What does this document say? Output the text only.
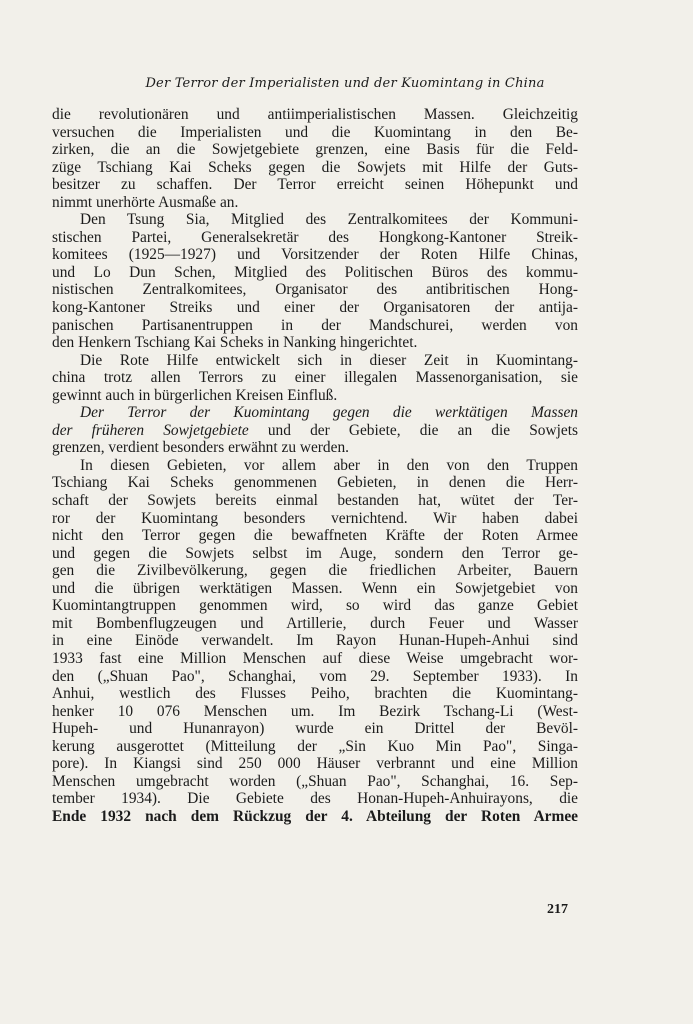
Der Terror der Imperialisten und der Kuomintang in China
die revolutionären und antiimperialistischen Massen. Gleichzeitig
versuchen die Imperialisten und die Kuomintang in den Be-
zirken, die an die Sowjetgebiete grenzen, eine Basis für die Feld-
züge Tschiang Kai Scheks gegen die Sowjets mit Hilfe der Guts-
besitzer zu schaffen. Der Terror erreicht seinen Höhepunkt und
nimmt unerhörte Ausmaße an.
Den Tsung Sia, Mitglied des Zentralkomitees der Kommuni-
stischen Partei, Generalsekretär des Hongkong-Kantoner Streik-
komitees (1925—1927) und Vorsitzender der Roten Hilfe Chinas,
und Lo Dun Schen, Mitglied des Politischen Büros des kommu-
nistischen Zentralkomitees, Organisator des antibritischen Hong-
kong-Kantoner Streiks und einer der Organisatoren der antija-
panischen Partisanentruppen in der Mandschurei, werden von
den Henkern Tschiang Kai Scheks in Nanking hingerichtet.
Die Rote Hilfe entwickelt sich in dieser Zeit in Kuomintang-
china trotz allen Terrors zu einer illegalen Massenorganisation, sie
gewinnt auch in bürgerlichen Kreisen Einfluß.
Der Terror der Kuomintang gegen die werktätigen Massen
der früheren Sowjetgebiete und der Gebiete, die an die Sowjets
grenzen, verdient besonders erwähnt zu werden.
In diesen Gebieten, vor allem aber in den von den Truppen
Tschiang Kai Scheks genommenen Gebieten, in denen die Herr-
schaft der Sowjets bereits einmal bestanden hat, wütet der Ter-
ror der Kuomintang besonders vernichtend. Wir haben dabei
nicht den Terror gegen die bewaffneten Kräfte der Roten Armee
und gegen die Sowjets selbst im Auge, sondern den Terror ge-
gen die Zivilbevölkerung, gegen die friedlichen Arbeiter, Bauern
und die übrigen werktätigen Massen. Wenn ein Sowjetgebiet von
Kuomintangtruppen genommen wird, so wird das ganze Gebiet
mit Bombenflugzeugen und Artillerie, durch Feuer und Wasser
in eine Einöde verwandelt. Im Rayon Hunan-Hupeh-Anhui sind
1933 fast eine Million Menschen auf diese Weise umgebracht wor-
den („Shuan Pao", Schanghai, vom 29. September 1933). In
Anhui, westlich des Flusses Peiho, brachten die Kuomintang-
henker 10 076 Menschen um. Im Bezirk Tschang-Li (West-
Hupeh- und Hunanrayon) wurde ein Drittel der Bevöl-
kerung ausgerottet (Mitteilung der „Sin Kuo Min Pao", Singa-
pore). In Kiangsi sind 250 000 Häuser verbrannt und eine Million
Menschen umgebracht worden („Shuan Pao", Schanghai, 16. Sep-
tember 1934). Die Gebiete des Honan-Hupeh-Anhuirayons, die
Ende 1932 nach dem Rückzug der 4. Abteilung der Roten Armee
217
